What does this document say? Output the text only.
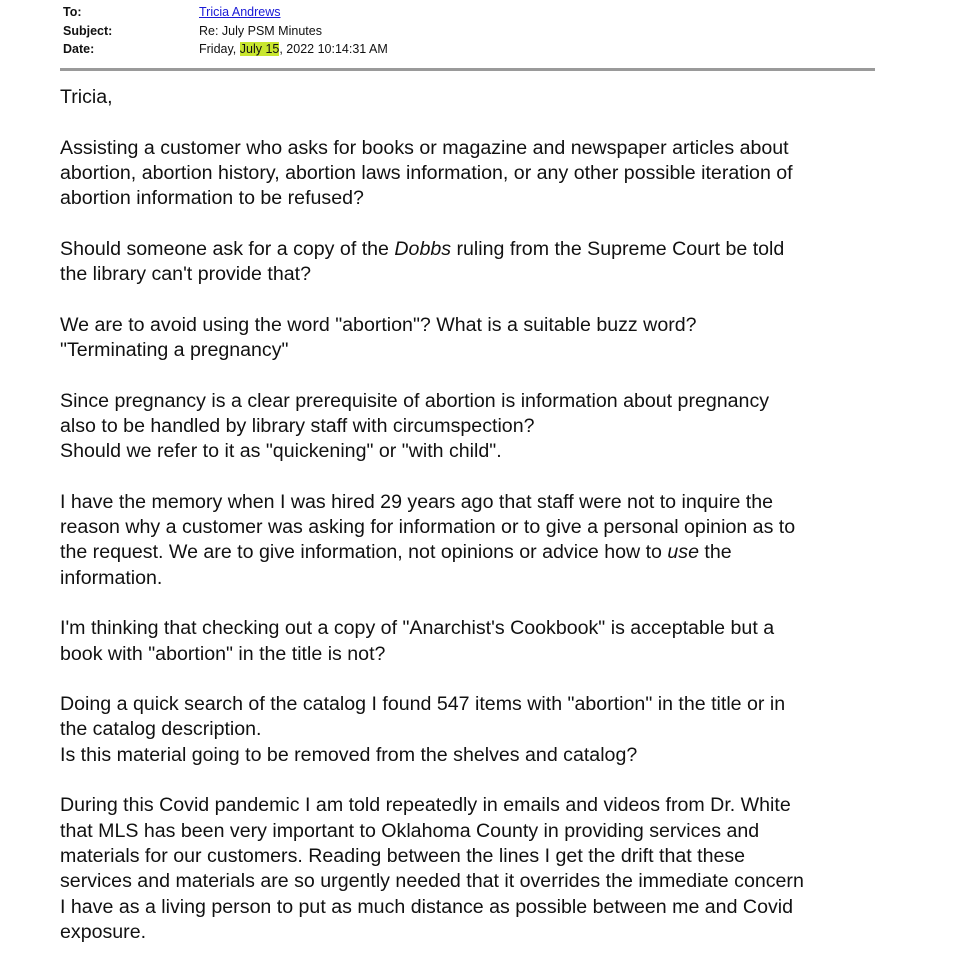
To:	Tricia Andrews
Subject:	Re: July PSM Minutes
Date:	Friday, July 15, 2022 10:14:31 AM

Tricia,

Assisting a customer who asks for books or magazine and newspaper articles about
abortion, abortion history, abortion laws information, or any other possible iteration of
abortion information to be refused?

Should someone ask for a copy of the Dobbs ruling from the Supreme Court be told
the library can't provide that?

We are to avoid using the word "abortion"? What is a suitable buzz word?
"Terminating a pregnancy"

Since pregnancy is a clear prerequisite of abortion is information about pregnancy
also to be handled by library staff with circumspection?
Should we refer to it as "quickening" or "with child".

I have the memory when I was hired 29 years ago that staff were not to inquire the
reason why a customer was asking for information or to give a personal opinion as to
the request. We are to give information, not opinions or advice how to use the
information.

I'm thinking that checking out a copy of "Anarchist's Cookbook" is acceptable but a
book with "abortion" in the title is not?

Doing a quick search of the catalog I found 547 items with "abortion" in the title or in
the catalog description.
Is this material going to be removed from the shelves and catalog?

During this Covid pandemic I am told repeatedly in emails and videos from Dr. White
that MLS has been very important to Oklahoma County in providing services and
materials for our customers. Reading between the lines I get the drift that these
services and materials are so urgently needed that it overrides the immediate concern
I have as a living person to put as much distance as possible between me and Covid
exposure.
